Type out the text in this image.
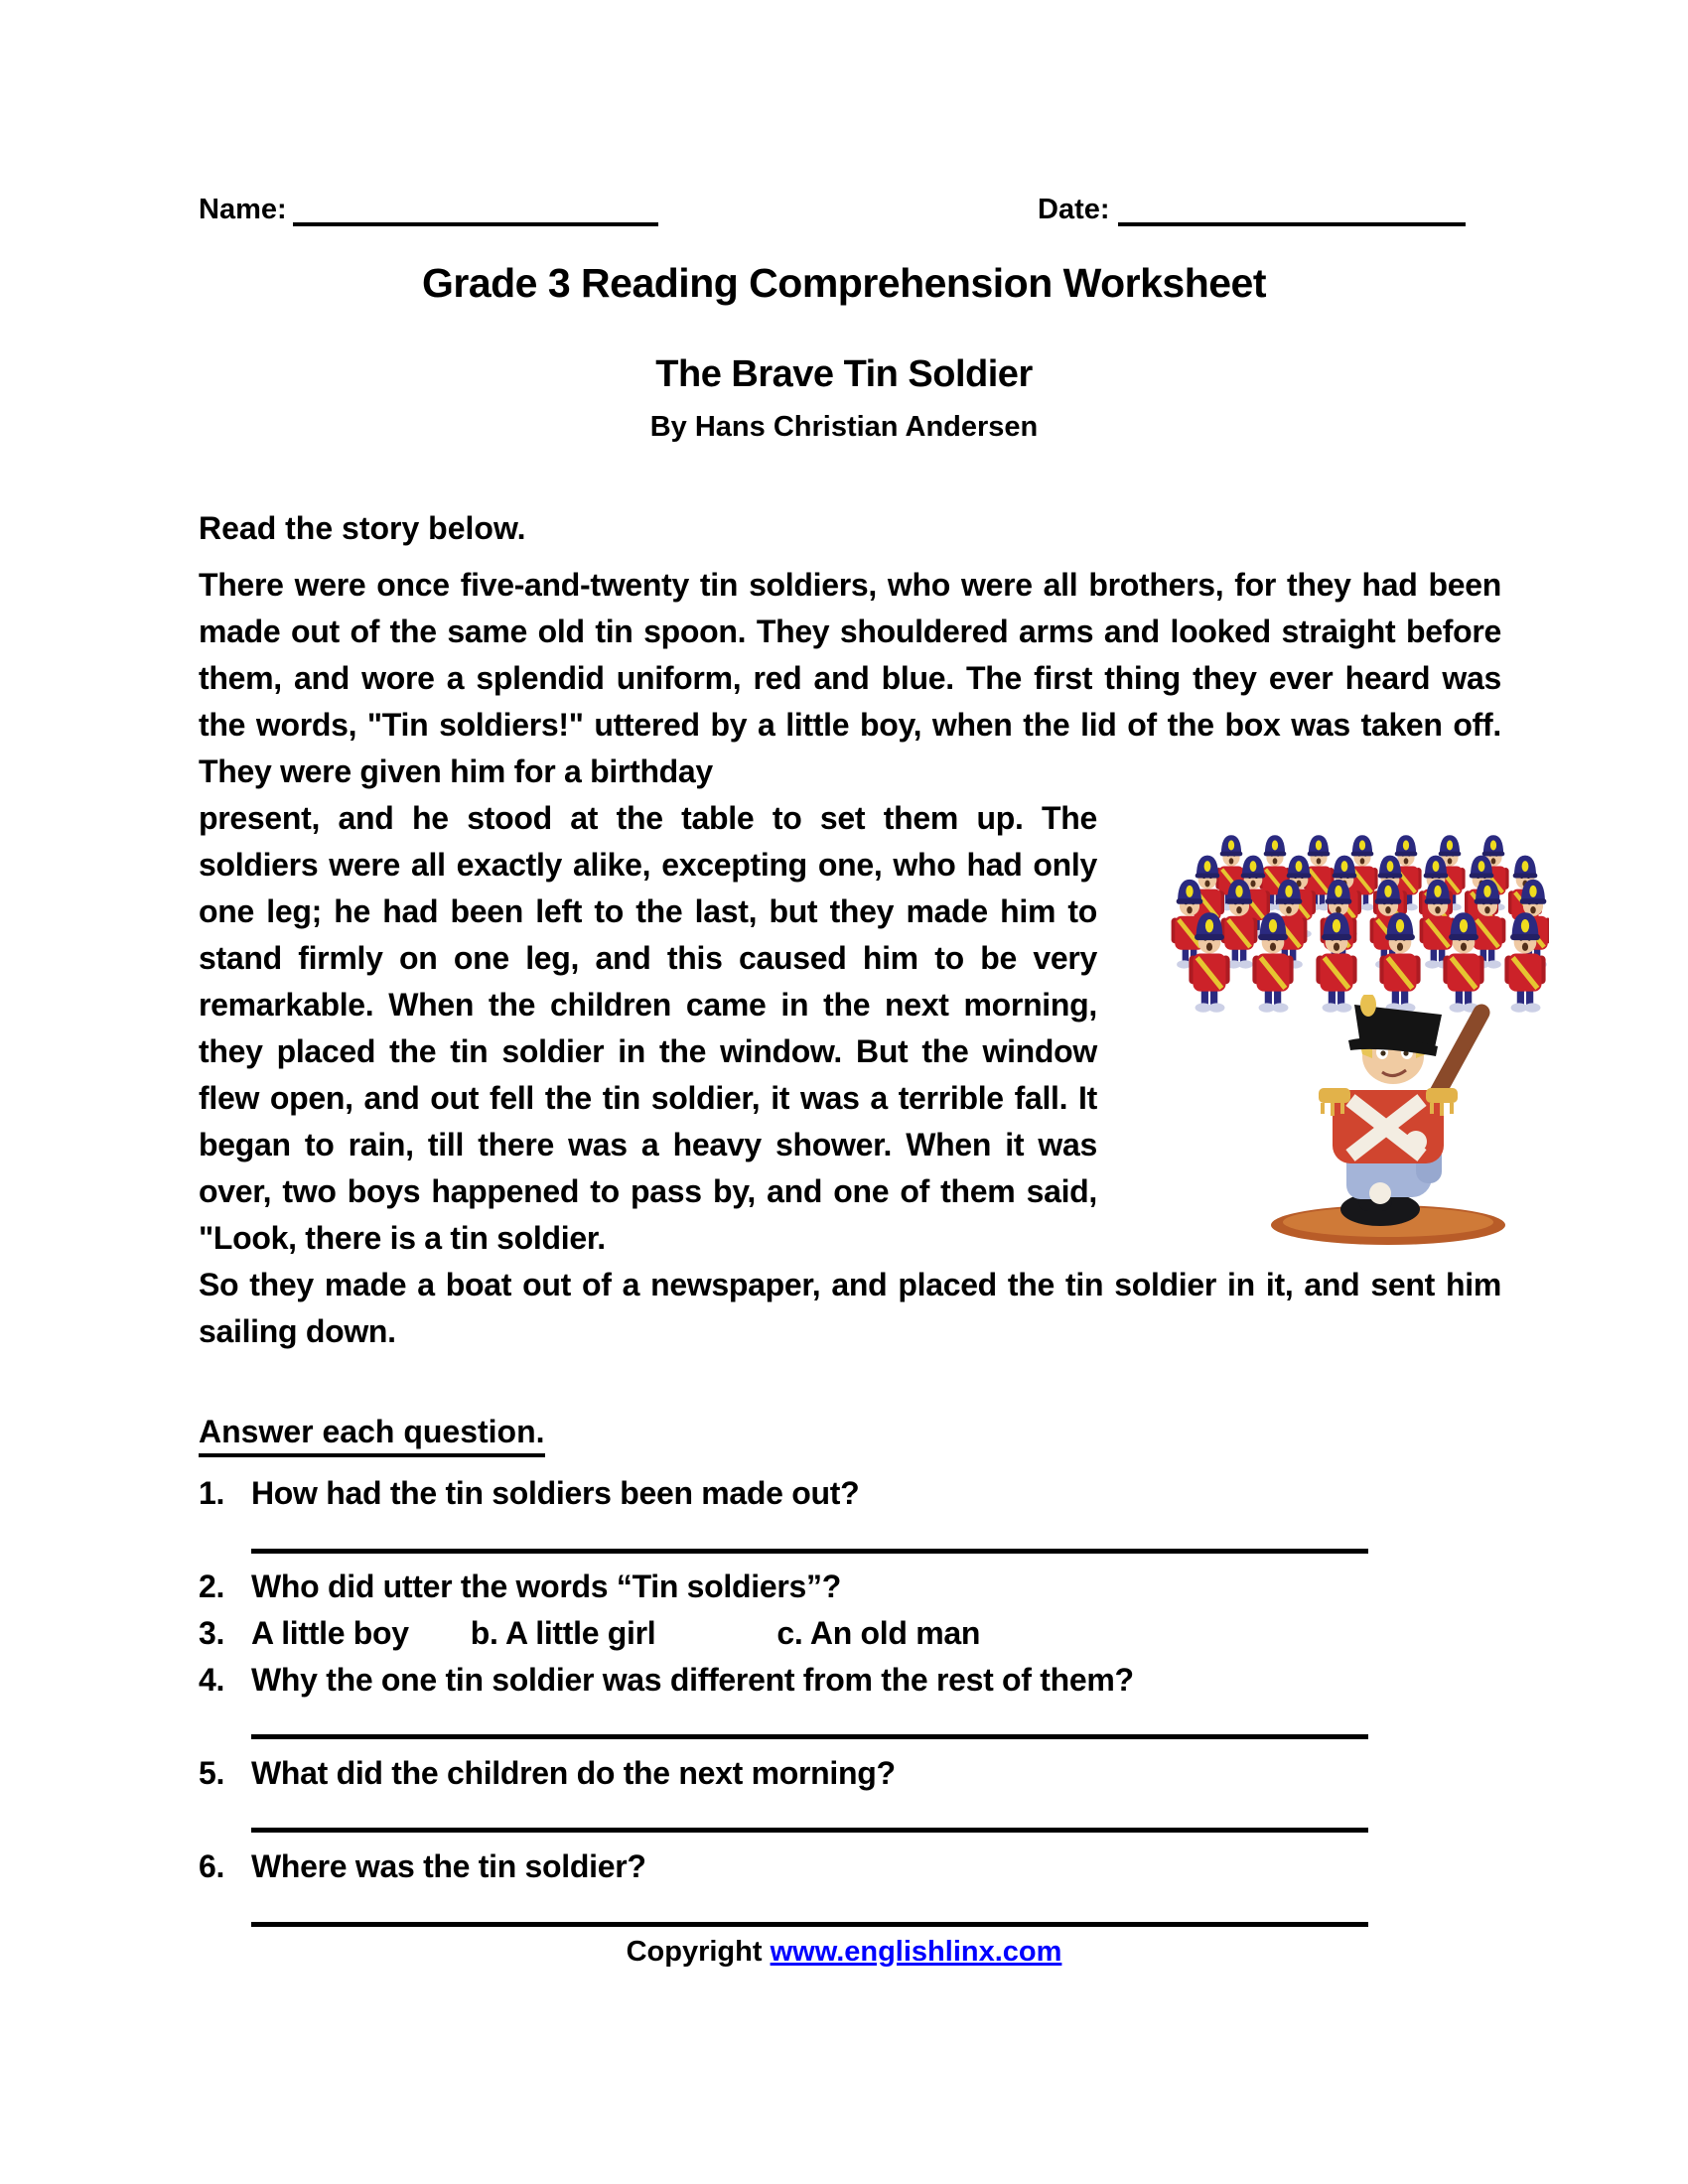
Name:	Date:
Grade 3 Reading Comprehension Worksheet
The Brave Tin Soldier
By Hans Christian Andersen
Read the story below.
There were once five-and-twenty tin soldiers, who were all brothers, for they had been made out of the same old tin spoon. They shouldered arms and looked straight before them, and wore a splendid uniform, red and blue. The first thing they ever heard was the words, "Tin soldiers!" uttered by a little boy, when the lid of the box was taken off. They were given him for a birthday
present, and he stood at the table to set them up. The soldiers were all exactly alike, excepting one, who had only one leg; he had been left to the last, but they made him to stand firmly on one leg, and this caused him to be very remarkable. When the children came in the next morning, they placed the tin soldier in the window. But the window flew open, and out fell the tin soldier, it was a terrible fall. It began to rain, till there was a heavy shower. When it was over, two boys happened to pass by, and one of them said, "Look, there is a tin soldier.
So they made a boat out of a newspaper, and placed the tin soldier in it, and sent him sailing down.
Answer each question.
1. How had the tin soldiers been made out?
2. Who did utter the words “Tin soldiers”?
3. A little boy b. A little girl	c. An old man
4. Why the one tin soldier was different from the rest of them?
5. What did the children do the next morning?
6. Where was the tin soldier?
Copyright www.englishlinx.com
